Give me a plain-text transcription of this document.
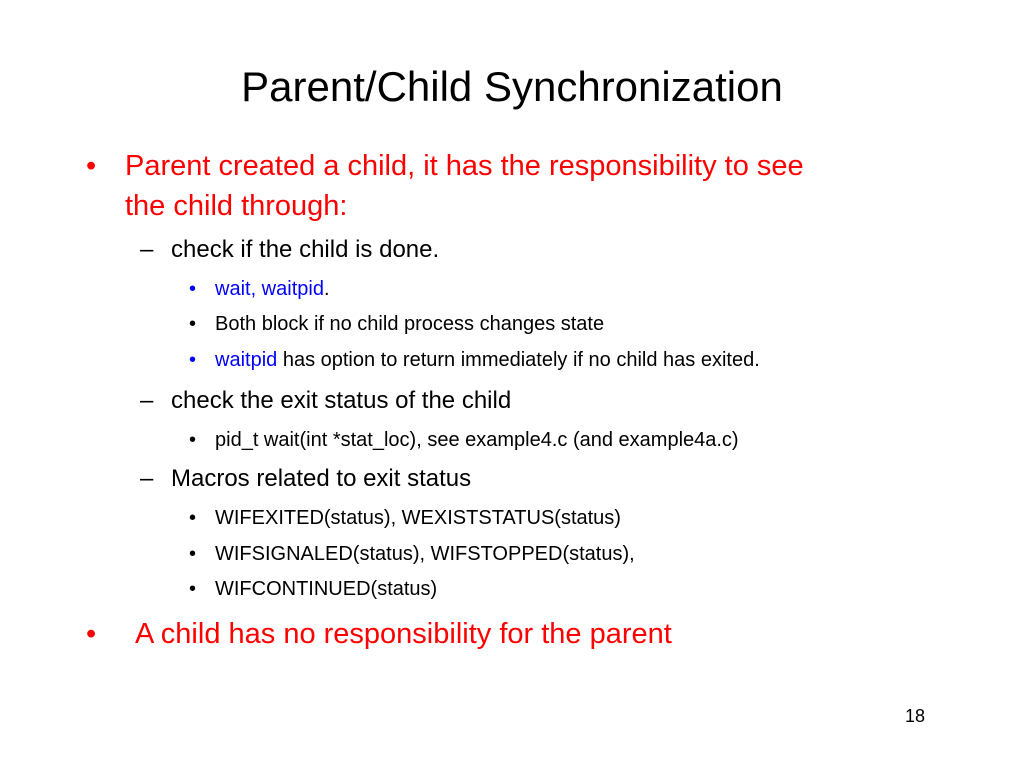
Parent/Child Synchronization
• Parent created a child, it has the responsibility to see
the child through:
– check if the child is done.
• wait, waitpid.
• Both block if no child process changes state
• waitpid has option to return immediately if no child has exited.
– check the exit status of the child
• pid_t wait(int *stat_loc), see example4.c (and example4a.c)
– Macros related to exit status
• WIFEXITED(status), WEXISTSTATUS(status)
• WIFSIGNALED(status), WIFSTOPPED(status),
• WIFCONTINUED(status)
• A child has no responsibility for the parent
18
